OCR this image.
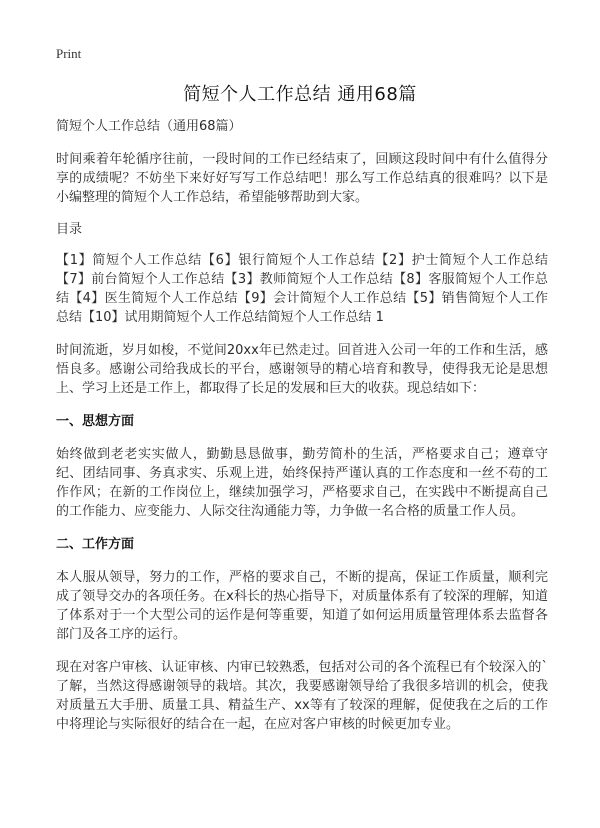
Print
简短个人工作总结 通用68篇

简短个人工作总结（通用68篇）

时间乘着年轮循序往前，一段时间的工作已经结束了，回顾这段时间中有什么值得分享的成绩呢？不妨坐下来好好写写工作总结吧！那么写工作总结真的很难吗？以下是小编整理的简短个人工作总结，希望能够帮助到大家。

目录

【1】简短个人工作总结【6】银行简短个人工作总结【2】护士简短个人工作总结【7】前台简短个人工作总结【3】教师简短个人工作总结【8】客服简短个人工作总结【4】医生简短个人工作总结【9】会计简短个人工作总结【5】销售简短个人工作总结【10】试用期简短个人工作总结简短个人工作总结 1

时间流逝，岁月如梭，不觉间20xx年已然走过。回首进入公司一年的工作和生活，感悟良多。感谢公司给我成长的平台，感谢领导的精心培育和教导，使得我无论是思想上、学习上还是工作上，都取得了长足的发展和巨大的收获。现总结如下：

一、思想方面

始终做到老老实实做人，勤勤恳恳做事，勤劳简朴的生活，严格要求自己；遵章守纪、团结同事、务真求实、乐观上进，始终保持严谨认真的工作态度和一丝不苟的工作作风；在新的工作岗位上，继续加强学习，严格要求自己，在实践中不断提高自己的工作能力、应变能力、人际交往沟通能力等，力争做一名合格的质量工作人员。

二、工作方面

本人服从领导，努力的工作，严格的要求自己，不断的提高，保证工作质量，顺利完成了领导交办的各项任务。在x科长的热心指导下，对质量体系有了较深的理解，知道了体系对于一个大型公司的运作是何等重要，知道了如何运用质量管理体系去监督各部门及各工序的运行。

现在对客户审核、认证审核、内审已较熟悉，包括对公司的各个流程已有个较深入的`了解，当然这得感谢领导的栽培。其次，我要感谢领导给了我很多培训的机会，使我对质量五大手册、质量工具、精益生产、xx等有了较深的理解，促使我在之后的工作中将理论与实际很好的结合在一起，在应对客户审核的时候更加专业。
